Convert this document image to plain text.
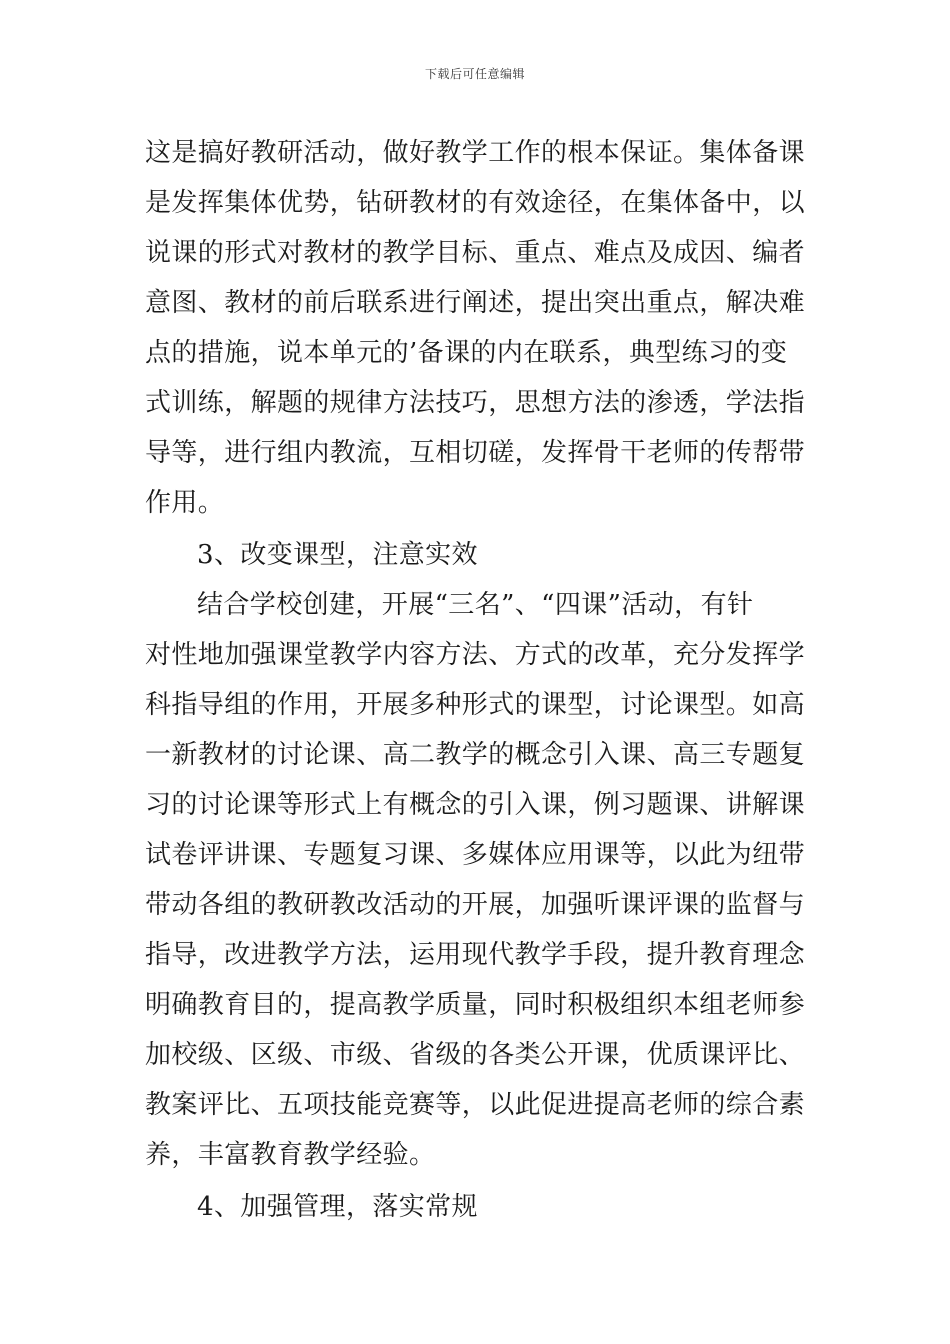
下载后可任意编辑
这是搞好教研活动，做好教学工作的根本保证。集体备课
是发挥集体优势，钻研教材的有效途径，在集体备中，以
说课的形式对教材的教学目标、重点、难点及成因、编者
意图、教材的前后联系进行阐述，提出突出重点，解决难
点的措施，说本单元的’备课的内在联系，典型练习的变
式训练，解题的规律方法技巧，思想方法的渗透，学法指
导等，进行组内教流，互相切磋，发挥骨干老师的传帮带
作用。
3、改变课型，注意实效
结合学校创建，开展“三名”、“四课”活动，有针
对性地加强课堂教学内容方法、方式的改革，充分发挥学
科指导组的作用，开展多种形式的课型，讨论课型。如高
一新教材的讨论课、高二教学的概念引入课、高三专题复
习的讨论课等形式上有概念的引入课，例习题课、讲解课
试卷评讲课、专题复习课、多媒体应用课等，以此为纽带
带动各组的教研教改活动的开展，加强听课评课的监督与
指导，改进教学方法，运用现代教学手段，提升教育理念
明确教育目的，提高教学质量，同时积极组织本组老师参
加校级、区级、市级、省级的各类公开课，优质课评比、
教案评比、五项技能竞赛等，以此促进提高老师的综合素
养，丰富教育教学经验。
4、加强管理，落实常规
